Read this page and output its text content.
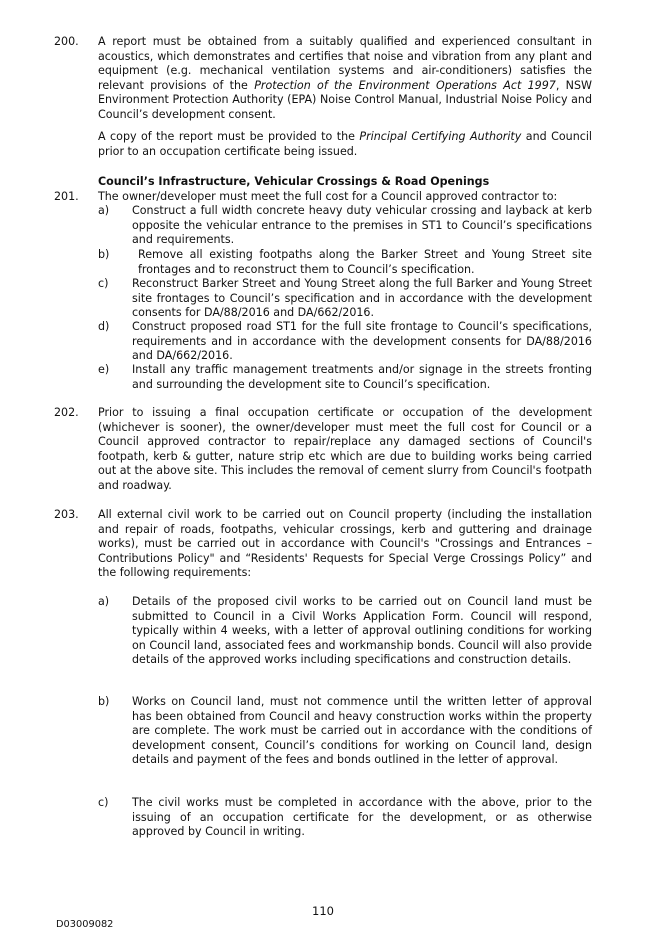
200. A report must be obtained from a suitably qualified and experienced consultant in acoustics, which demonstrates and certifies that noise and vibration from any plant and equipment (e.g. mechanical ventilation systems and air-conditioners) satisfies the relevant provisions of the Protection of the Environment Operations Act 1997, NSW Environment Protection Authority (EPA) Noise Control Manual, Industrial Noise Policy and Council’s development consent.
A copy of the report must be provided to the Principal Certifying Authority and Council prior to an occupation certificate being issued.
Council’s Infrastructure, Vehicular Crossings & Road Openings
201. The owner/developer must meet the full cost for a Council approved contractor to:
a) Construct a full width concrete heavy duty vehicular crossing and layback at kerb opposite the vehicular entrance to the premises in ST1 to Council’s specifications and requirements.
b)	Remove all existing footpaths along the Barker Street and Young Street site frontages and to reconstruct them to Council’s specification.
c) Reconstruct Barker Street and Young Street along the full Barker and Young Street site frontages to Council’s specification and in accordance with the development consents for DA/88/2016 and DA/662/2016.
d) Construct proposed road ST1 for the full site frontage to Council’s specifications, requirements and in accordance with the development consents for DA/88/2016 and DA/662/2016.
e) Install any traffic management treatments and/or signage in the streets fronting and surrounding the development site to Council’s specification.
202. Prior to issuing a final occupation certificate or occupation of the development (whichever is sooner), the owner/developer must meet the full cost for Council or a Council approved contractor to repair/replace any damaged sections of Council's footpath, kerb & gutter, nature strip etc which are due to building works being carried out at the above site. This includes the removal of cement slurry from Council's footpath and roadway.
203. All external civil work to be carried out on Council property (including the installation and repair of roads, footpaths, vehicular crossings, kerb and guttering and drainage works), must be carried out in accordance with Council's "Crossings and Entrances – Contributions Policy" and “Residents' Requests for Special Verge Crossings Policy” and the following requirements:
a) Details of the proposed civil works to be carried out on Council land must be submitted to Council in a Civil Works Application Form. Council will respond, typically within 4 weeks, with a letter of approval outlining conditions for working on Council land, associated fees and workmanship bonds. Council will also provide details of the approved works including specifications and construction details.
b) Works on Council land, must not commence until the written letter of approval has been obtained from Council and heavy construction works within the property are complete. The work must be carried out in accordance with the conditions of development consent, Council’s conditions for working on Council land, design details and payment of the fees and bonds outlined in the letter of approval.
c) The civil works must be completed in accordance with the above, prior to the issuing of an occupation certificate for the development, or as otherwise approved by Council in writing.
110
D03009082
